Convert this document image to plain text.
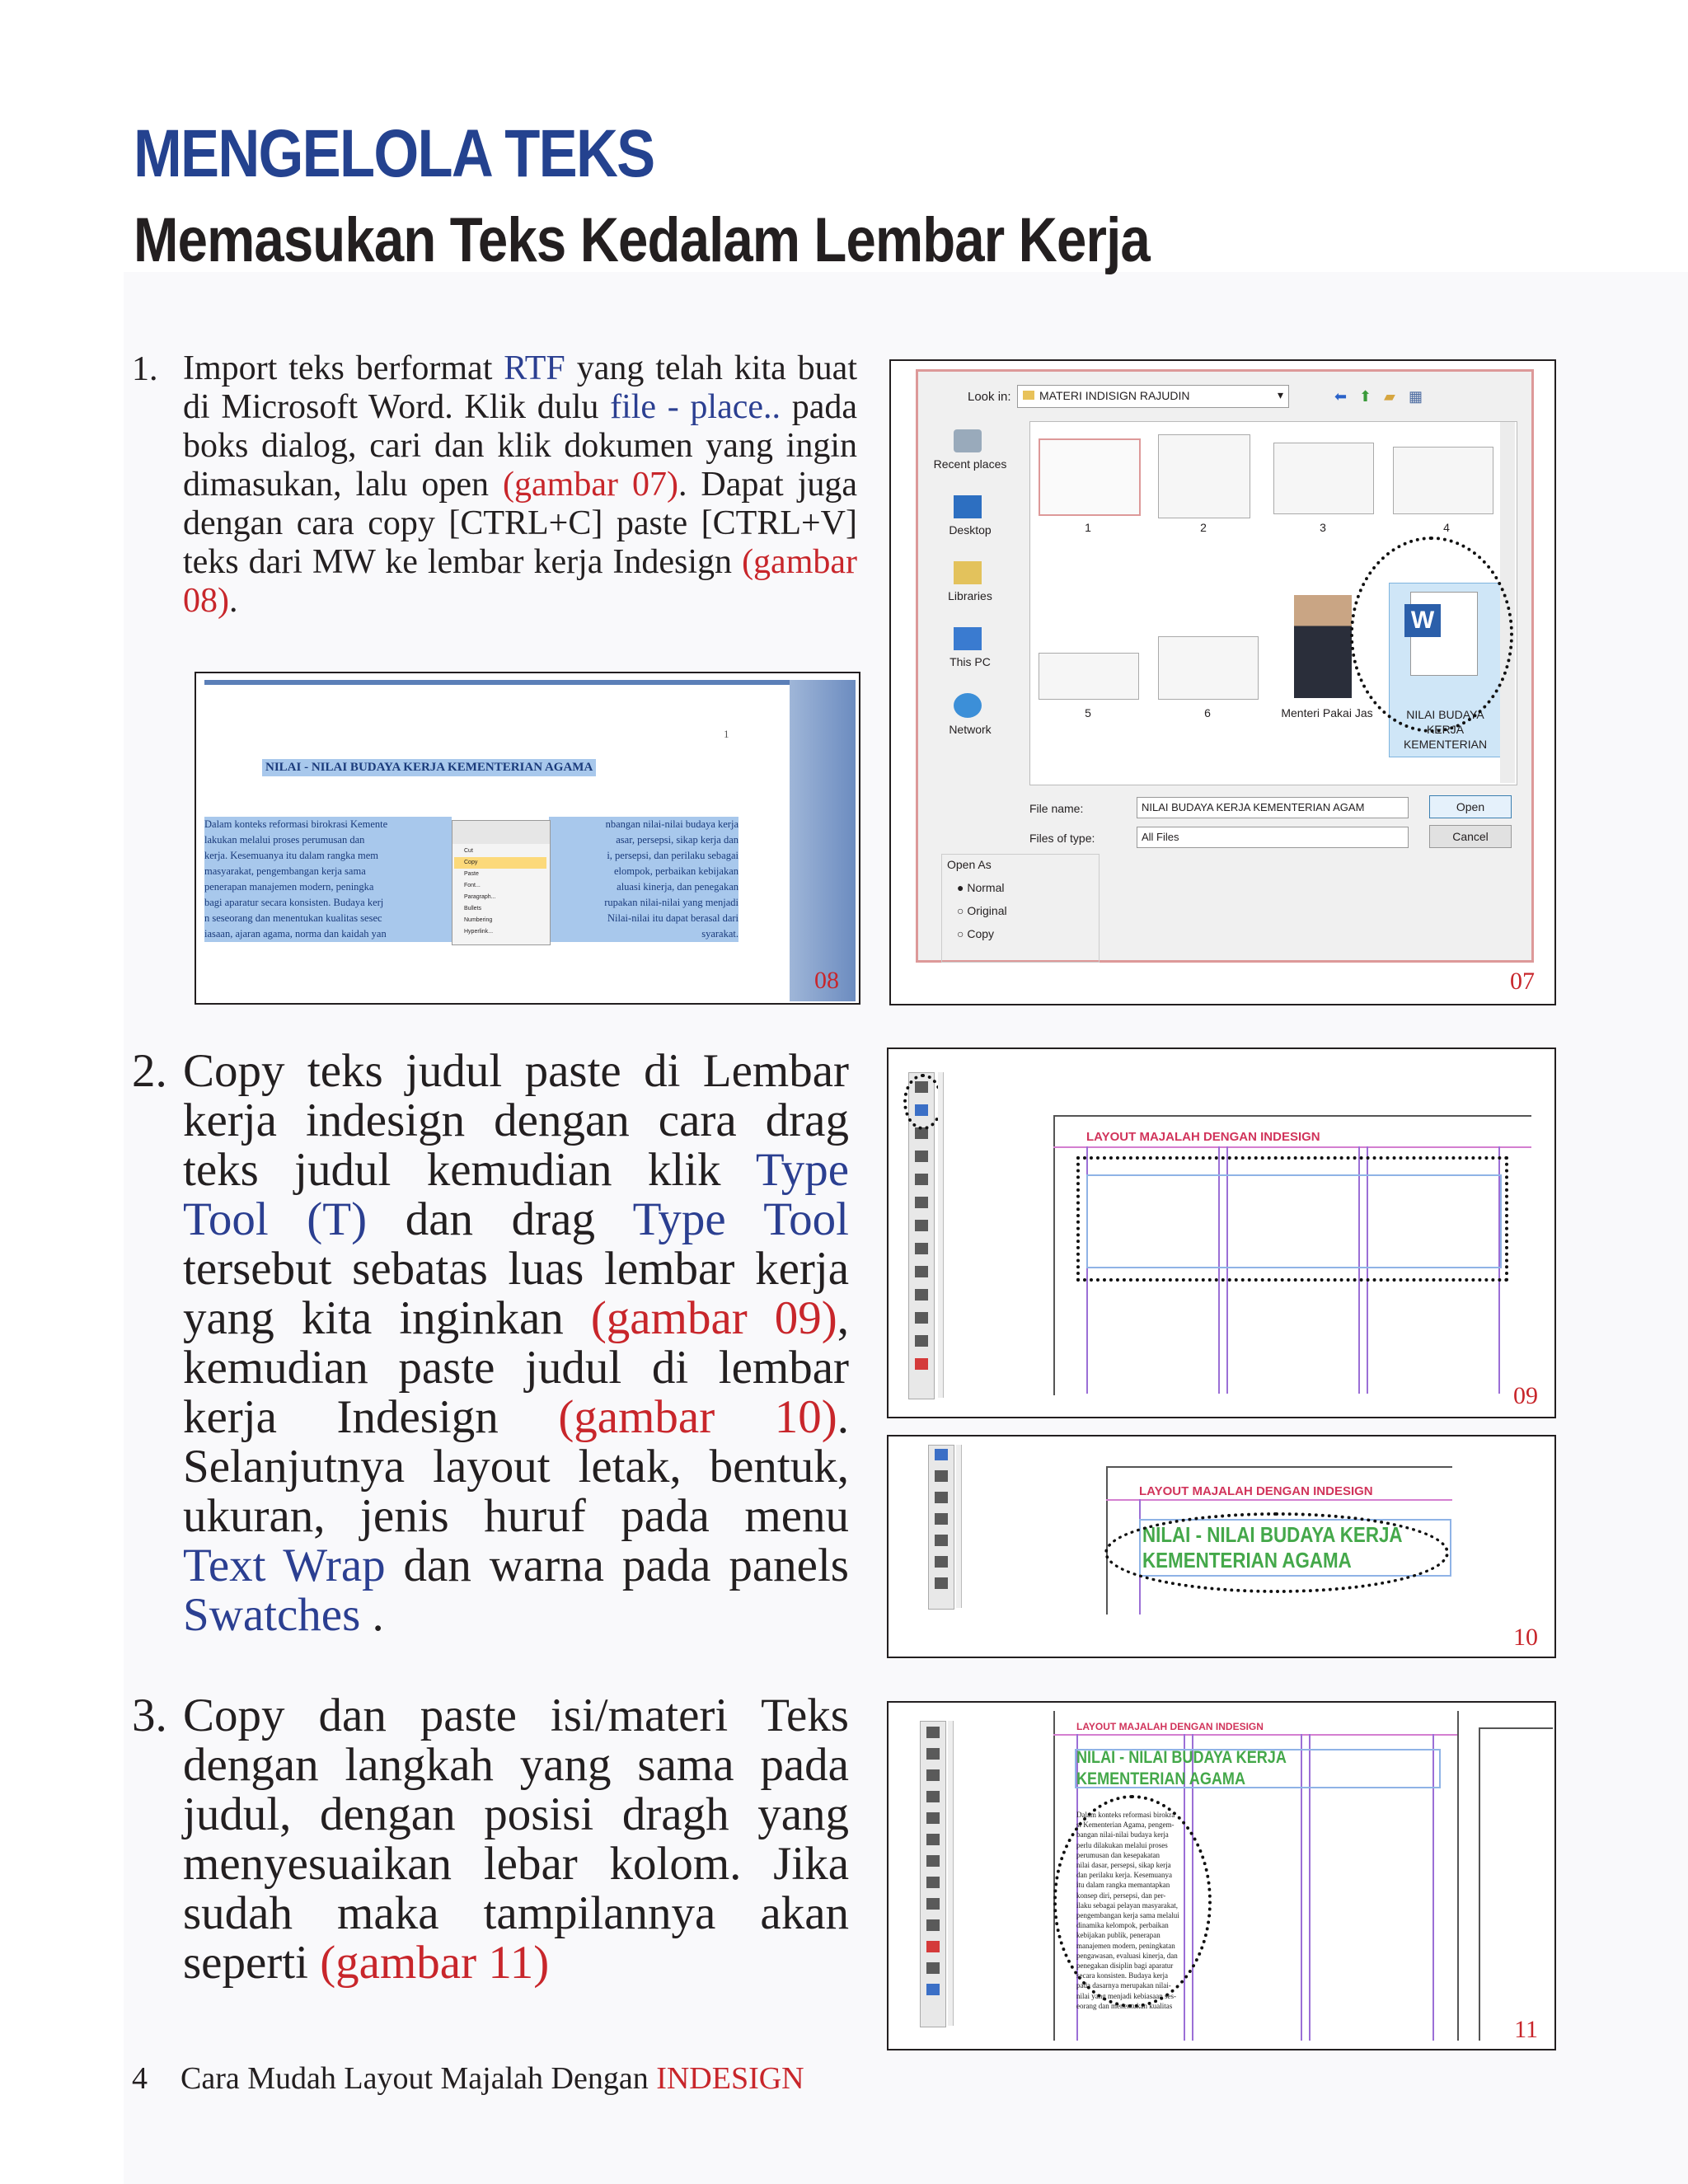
MENGELOLA TEKS
Memasukan Teks Kedalam Lembar Kerja
1. Import teks berformat RTF yang telah kita buat di Microsoft Word. Klik dulu file - place.. pada boks dialog, cari dan klik dokumen yang ingin dimasukan, lalu open (gambar 07). Dapat juga dengan cara copy [CTRL+C] paste [CTRL+V] teks dari MW ke lembar kerja Indesign (gambar 08).
2. Copy teks judul paste di Lembar kerja indesign dengan cara drag teks judul kemudian klik Type Tool (T) dan drag Type Tool tersebut sebatas luas lembar kerja yang kita inginkan (gambar 09), kemudian paste judul di lembar kerja Indesign (gambar 10). Selanjutnya layout letak, bentuk, ukuran, jenis huruf pada menu Text Wrap dan warna pada panels Swatches .
3. Copy dan paste isi/materi Teks dengan langkah yang sama pada judul, dengan posisi dragh yang menyesuaikan lebar kolom. Jika sudah maka tampilannya akan seperti (gambar 11)
Look in:	MATERI INDISIGN RAJUDIN	▾	⬅ ⬆ ▰ ▦
Recent places
Desktop
Libraries
This PC
Network
1	2	3	4
5	6	Menteri Pakai Jas
W
NILAI BUDAYA KERJA KEMENTERIAN
File name:	NILAI BUDAYA KERJA KEMENTERIAN AGAM
Files of type:	All Files
Open
Cancel
Open As
● Normal
○ Original
○ Copy
07
1
NILAI - NILAI BUDAYA KERJA KEMENTERIAN AGAMA
Dalam konteks reformasi birokrasi Kemente
lakukan melalui proses perumusan dan
kerja. Kesemuanya itu dalam rangka mem
masyarakat, pengembangan kerja sama
penerapan manajemen modern, peningka
bagi aparatur secara konsisten. Budaya kerj
n seseorang dan menentukan kualitas sesec
iasaan, ajaran agama, norma dan kaidah yan
nbangan nilai-nilai budaya kerja
asar, persepsi, sikap kerja dan
i, persepsi, dan perilaku sebagai
elompok, perbaikan kebijakan
aluasi kinerja, dan penegakan
rupakan nilai-nilai yang menjadi
Nilai-nilai itu dapat berasal dari
syarakat.
Cut
Copy
Paste
Font...
Paragraph...
Bullets
Numbering
Hyperlink...
08
LAYOUT MAJALAH DENGAN INDESIGN
09
LAYOUT MAJALAH DENGAN INDESIGN
NILAI - NILAI BUDAYA KERJA
KEMENTERIAN AGAMA
10
LAYOUT MAJALAH DENGAN INDESIGN
NILAI - NILAI BUDAYA KERJA
KEMENTERIAN AGAMA
Dalam konteks reformasi birokra
si Kementerian Agama, pengem-
bangan nilai-nilai budaya kerja
perlu dilakukan melalui proses
perumusan dan kesepakatan
nilai dasar, persepsi, sikap kerja
dan perilaku kerja. Kesemuanya
itu dalam rangka memantapkan
konsep diri, persepsi, dan per-
ilaku sebagai pelayan masyarakat,
pengembangan kerja sama melalui
dinamika kelompok, perbaikan
kebijakan publik, penerapan
manajemen modern, peningkatan
pengawasan, evaluasi kinerja, dan
penegakan disiplin bagi aparatur
secara konsisten. Budaya kerja
pada dasarnya merupakan nilai-
nilai yang menjadi kebiasaan ses-
eorang dan menentukan kualitas
11
4 Cara Mudah Layout Majalah Dengan INDESIGN
